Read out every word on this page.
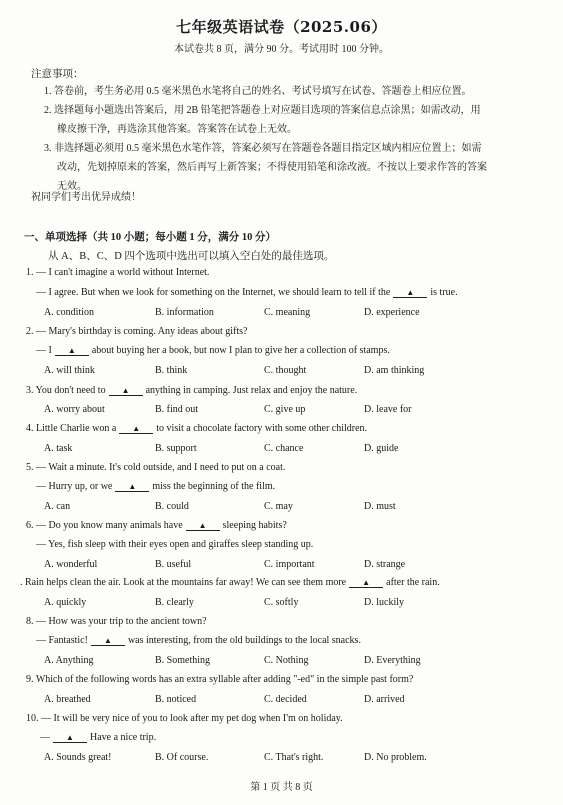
七年级英语试卷（2025.06）
本试卷共 8 页，满分 90 分。考试用时 100 分钟。
注意事项：
1. 答卷前，考生务必用 0.5 毫米黑色水笔将自己的姓名、考试号填写在试卷、答题卷上相应位置。
2. 选择题每小题选出答案后，用 2B 铅笔把答题卷上对应题目选项的答案信息点涂黑；如需改动，用
橡皮擦干净，再选涂其他答案。答案答在试卷上无效。
3. 非选择题必须用 0.5 毫米黑色水笔作答，答案必须写在答题卷各题目指定区域内相应位置上；如需
改动，先划掉原来的答案，然后再写上新答案；不得使用铅笔和涂改液。不按以上要求作答的答案
无效。
祝同学们考出优异成绩！
一、单项选择（共 10 小题；每小题 1 分，满分 10 分）
从 A、B、C、D 四个选项中选出可以填入空白处的最佳选项。
1. — I can't imagine a world without Internet.
— I agree. But when we look for something on the Internet, we should learn to tell if the ▲ is true.
A. condition	B. information	C. meaning	D. experience
2. — Mary's birthday is coming. Any ideas about gifts?
— I ▲ about buying her a book, but now I plan to give her a collection of stamps.
A. will think	B. think	C. thought	D. am thinking
3. You don't need to ▲ anything in camping. Just relax and enjoy the nature.
A. worry about	B. find out	C. give up	D. leave for
4. Little Charlie won a ▲ to visit a chocolate factory with some other children.
A. task	B. support	C. chance	D. guide
5. — Wait a minute. It's cold outside, and I need to put on a coat.
— Hurry up, or we ▲ miss the beginning of the film.
A. can	B. could	C. may	D. must
6. — Do you know many animals have ▲ sleeping habits?
— Yes, fish sleep with their eyes open and giraffes sleep standing up.
A. wonderful	B. useful	C. important	D. strange
. Rain helps clean the air. Look at the mountains far away! We can see them more ▲ after the rain.
A. quickly	B. clearly	C. softly	D. luckily
8. — How was your trip to the ancient town?
— Fantastic! ▲ was interesting, from the old buildings to the local snacks.
A. Anything	B. Something	C. Nothing	D. Everything
9. Which of the following words has an extra syllable after adding "-ed" in the simple past form?
A. breathed	B. noticed	C. decided	D. arrived
10. — It will be very nice of you to look after my pet dog when I'm on holiday.
— ▲ Have a nice trip.
A. Sounds great!	B. Of course.	C. That's right.	D. No problem.
第 1 页 共 8 页
